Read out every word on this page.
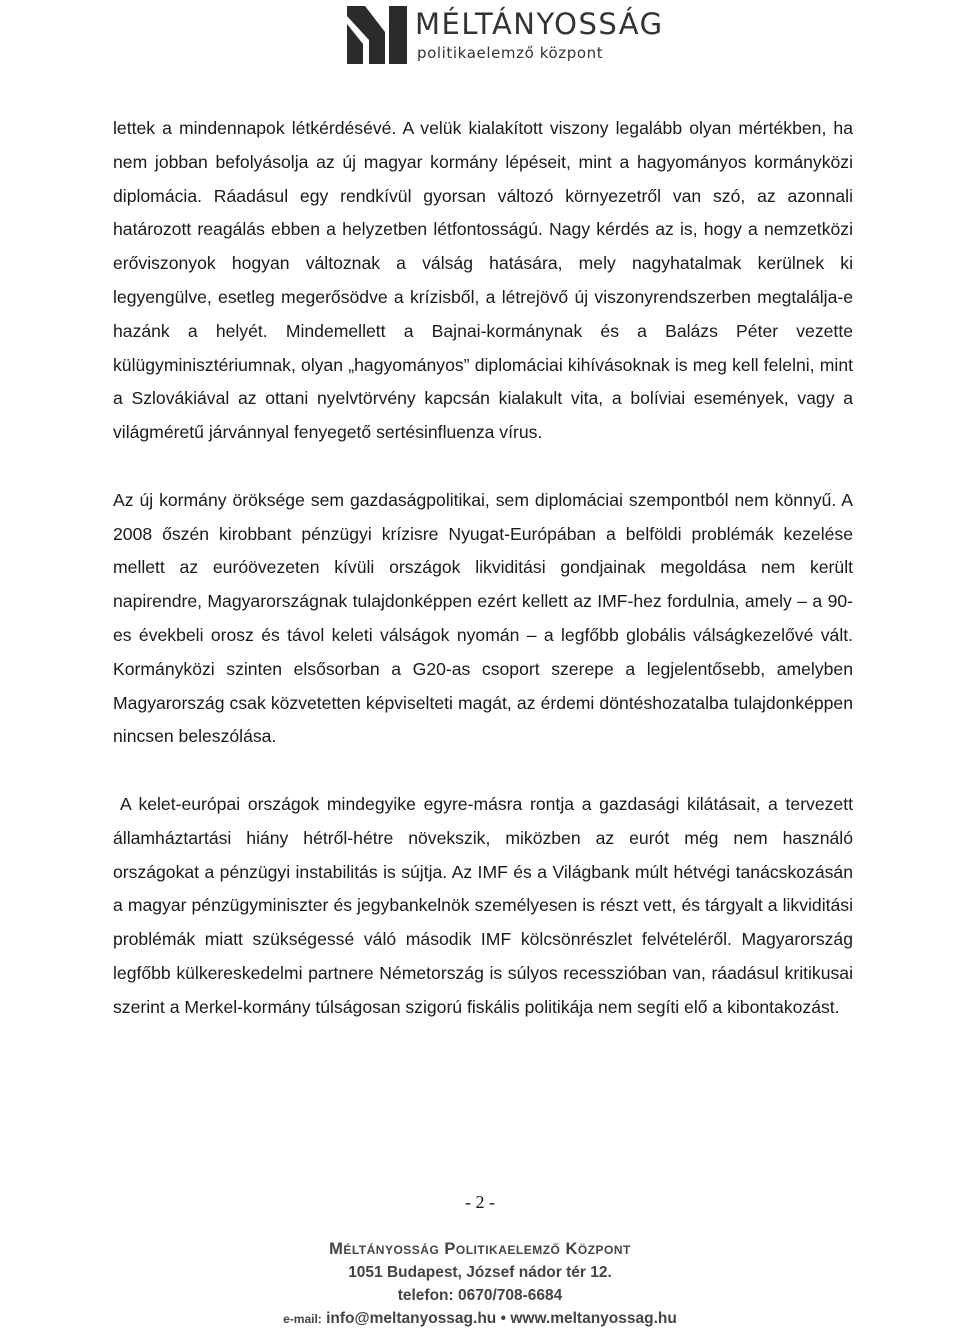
MÉLTÁNYOSSÁG
politikaelemző központ

lettek a mindennapok létkérdésévé. A velük kialakított viszony legalább olyan mértékben, ha nem jobban befolyásolja az új magyar kormány lépéseit, mint a hagyományos kormányközi diplomácia. Ráadásul egy rendkívül gyorsan változó környezetről van szó, az azonnali határozott reagálás ebben a helyzetben létfontosságú. Nagy kérdés az is, hogy a nemzetközi erőviszonyok hogyan változnak a válság hatására, mely nagyhatalmak kerülnek ki legyengülve, esetleg megerősödve a krízisből, a létrejövő új viszonyrendszerben megtalálja-e hazánk a helyét. Mindemellett a Bajnai-kormánynak és a Balázs Péter vezette külügyminisztériumnak, olyan „hagyományos” diplomáciai kihívásoknak is meg kell felelni, mint a Szlovákiával az ottani nyelvtörvény kapcsán kialakult vita, a bolíviai események, vagy a világméretű járvánnyal fenyegető sertésinfluenza vírus.

Az új kormány öröksége sem gazdaságpolitikai, sem diplomáciai szempontból nem könnyű. A 2008 őszén kirobbant pénzügyi krízisre Nyugat-Európában a belföldi problémák kezelése mellett az euróövezeten kívüli országok likviditási gondjainak megoldása nem került napirendre, Magyarországnak tulajdonképpen ezért kellett az IMF-hez fordulnia, amely – a 90-es évekbeli orosz és távol keleti válságok nyomán – a legfőbb globális válságkezelővé vált. Kormányközi szinten elsősorban a G20-as csoport szerepe a legjelentősebb, amelyben Magyarország csak közvetetten képviselteti magát, az érdemi döntéshozatalba tulajdonképpen nincsen beleszólása.

A kelet-európai országok mindegyike egyre-másra rontja a gazdasági kilátásait, a tervezett államháztartási hiány hétről-hétre növekszik, miközben az eurót még nem használó országokat a pénzügyi instabilitás is sújtja. Az IMF és a Világbank múlt hétvégi tanácskozásán a magyar pénzügyminiszter és jegybankelnök személyesen is részt vett, és tárgyalt a likviditási problémák miatt szükségessé váló második IMF kölcsönrészlet felvételéről. Magyarország legfőbb külkereskedelmi partnere Németország is súlyos recesszióban van, ráadásul kritikusai szerint a Merkel-kormány túlságosan szigorú fiskális politikája nem segíti elő a kibontakozást.

- 2 -
Méltányosság Politikaelemző Központ
1051 Budapest, József nádor tér 12.
telefon: 0670/708-6684
e-mail: info@meltanyossag.hu • www.meltanyossag.hu
